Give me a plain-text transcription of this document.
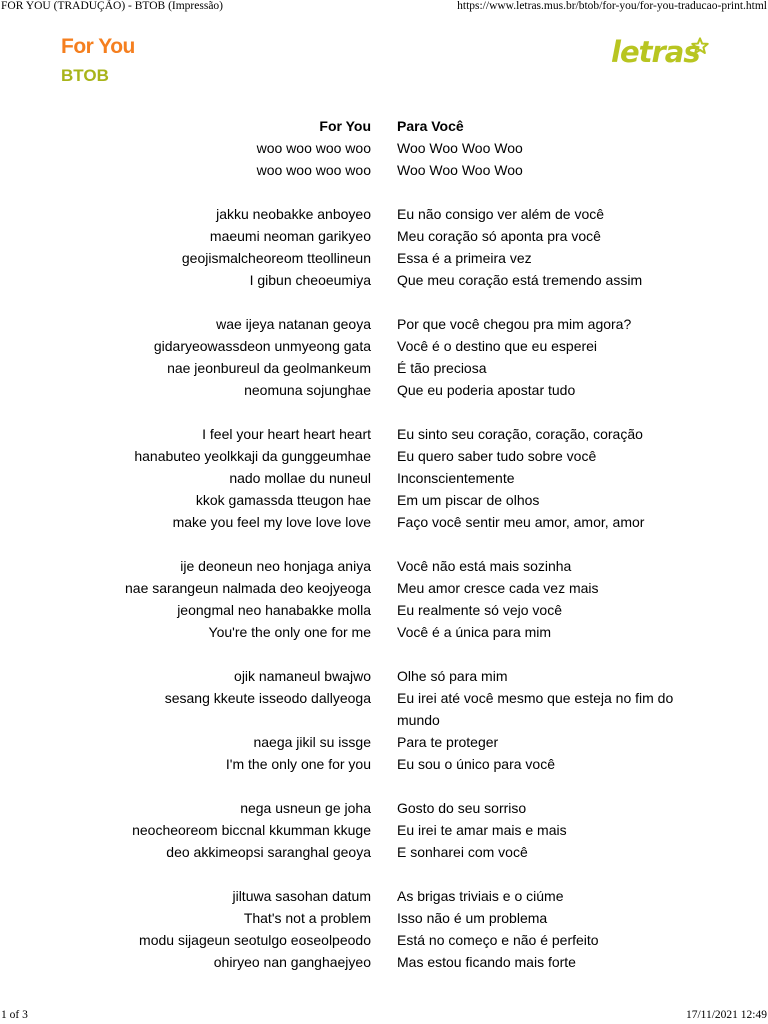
FOR YOU (TRADUÇÃO) - BTOB (Impressão)	https://www.letras.mus.br/btob/for-you/for-you-traducao-print.html
For You
BTOB
letras
For You Para Você
woo woo woo woo Woo Woo Woo Woo
woo woo woo woo Woo Woo Woo Woo
jakku neobakke anboyeo Eu não consigo ver além de você
maeumi neoman garikyeo Meu coração só aponta pra você
geojismalcheoreom tteollineun Essa é a primeira vez
I gibun cheoeumiya Que meu coração está tremendo assim
wae ijeya natanan geoya Por que você chegou pra mim agora?
gidaryeowassdeon unmyeong gata Você é o destino que eu esperei
nae jeonbureul da geolmankeum É tão preciosa
neomuna sojunghae Que eu poderia apostar tudo
I feel your heart heart heart Eu sinto seu coração, coração, coração
hanabuteo yeolkkaji da gunggeumhae Eu quero saber tudo sobre você
nado mollae du nuneul Inconscientemente
kkok gamassda tteugon hae Em um piscar de olhos
make you feel my love love love Faço você sentir meu amor, amor, amor
ije deoneun neo honjaga aniya Você não está mais sozinha
nae sarangeun nalmada deo keojyeoga Meu amor cresce cada vez mais
jeongmal neo hanabakke molla Eu realmente só vejo você
You're the only one for me Você é a única para mim
ojik namaneul bwajwo Olhe só para mim
sesang kkeute isseodo dallyeoga Eu irei até você mesmo que esteja no fim do mundo
naega jikil su issge Para te proteger
I'm the only one for you Eu sou o único para você
nega usneun ge joha Gosto do seu sorriso
neocheoreom biccnal kkumman kkuge Eu irei te amar mais e mais
deo akkimeopsi saranghal geoya E sonharei com você
jiltuwa sasohan datum As brigas triviais e o ciúme
That's not a problem Isso não é um problema
modu sijageun seotulgo eoseolpeodo Está no começo e não é perfeito
ohiryeo nan ganghaejyeo Mas estou ficando mais forte
1 of 3	17/11/2021 12:49
